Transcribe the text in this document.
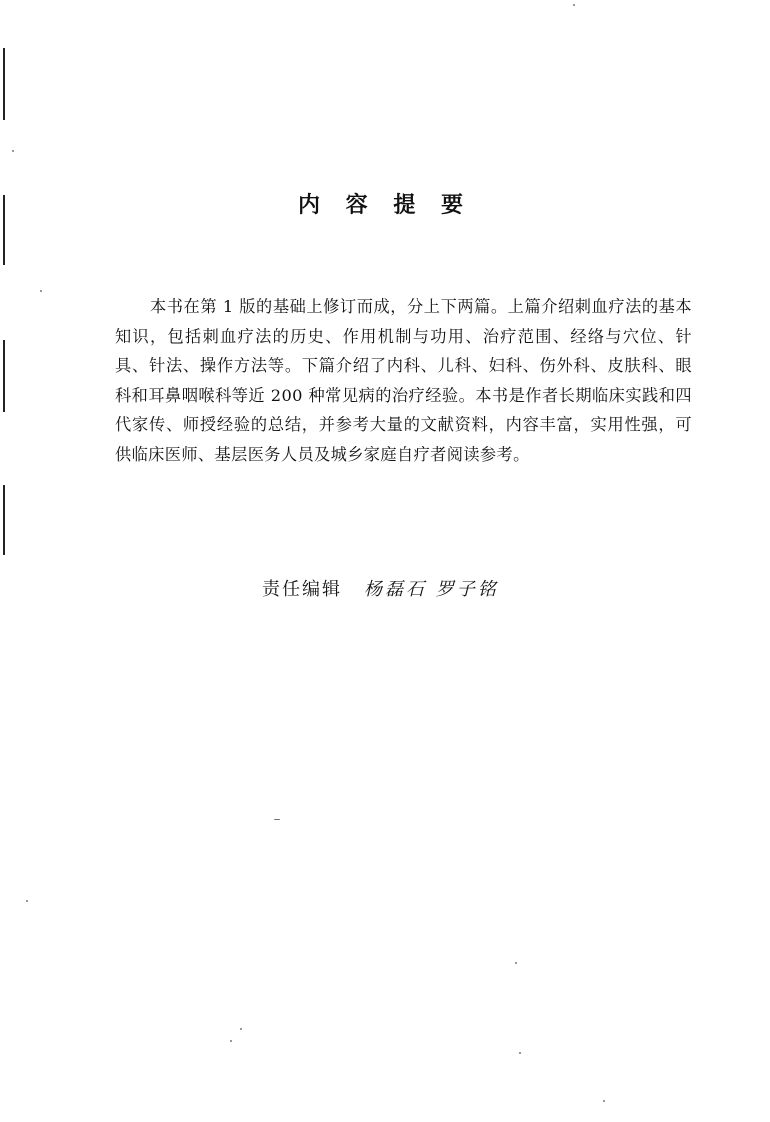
内 容 提 要

本书在第 1 版的基础上修订而成，分上下两篇。上篇介绍刺血疗法的基本知识，包括刺血疗法的历史、作用机制与功用、治疗范围、经络与穴位、针具、针法、操作方法等。下篇介绍了内科、儿科、妇科、伤外科、皮肤科、眼科和耳鼻咽喉科等近 200 种常见病的治疗经验。本书是作者长期临床实践和四代家传、师授经验的总结，并参考大量的文献资料，内容丰富，实用性强，可供临床医师、基层医务人员及城乡家庭自疗者阅读参考。

责任编辑 杨磊石 罗子铭
